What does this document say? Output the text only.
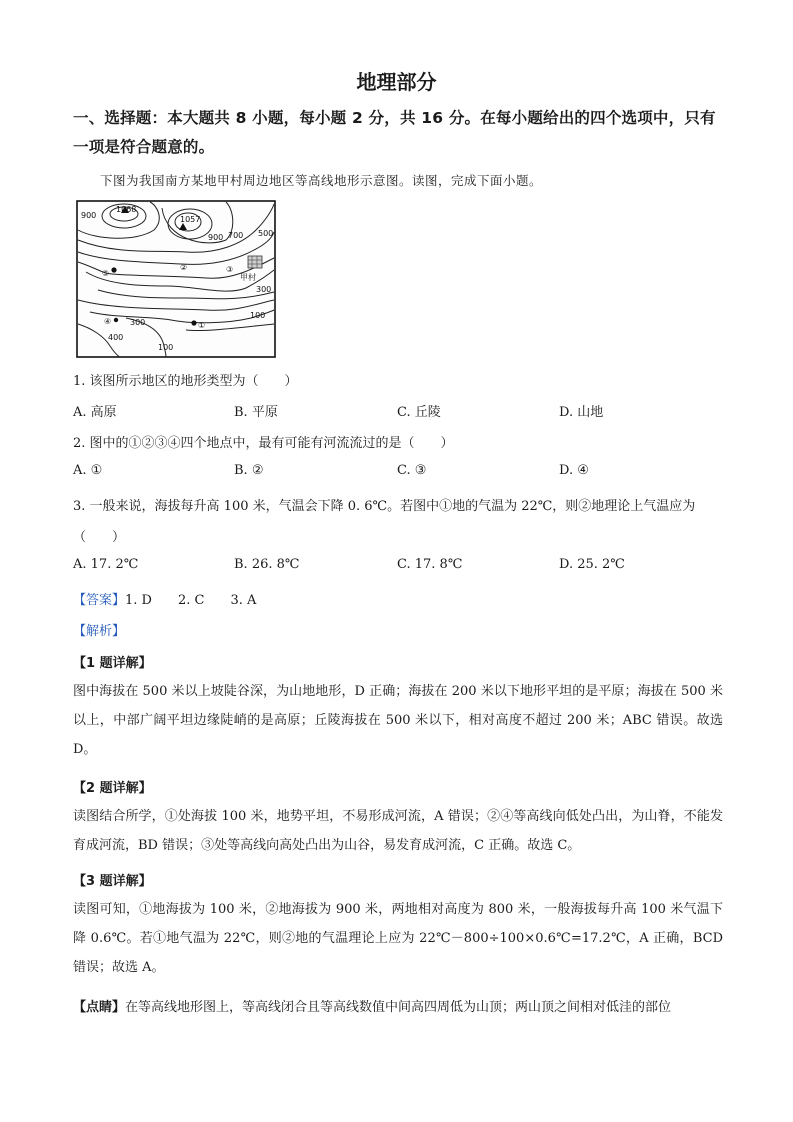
地理部分
一、选择题：本大题共 8 小题，每小题 2 分，共 16 分。在每小题给出的四个选项中，只有一项是符合题意的。
下图为我国南方某地甲村周边地区等高线地形示意图。读图，完成下面小题。
900
1068
1057
900 700 500
甲村
300
100
300
400
100
①
②	③
④
⑤
1. 该图所示地区的地形类型为（　　）
A. 高原	B. 平原	C. 丘陵	D. 山地
2. 图中的①②③④四个地点中，最有可能有河流流过的是（　　）
A. ①	B. ②	C. ③	D. ④
3. 一般来说，海拔每升高 100 米，气温会下降 0. 6℃。若图中①地的气温为 22℃，则②地理论上气温应为
（　　）
A. 17. 2℃	B. 26. 8℃	C. 17. 8℃	D. 25. 2℃
【答案】1. D 2. C 3. A
【解析】
【1 题详解】
图中海拔在 500 米以上坡陡谷深，为山地地形，D 正确；海拔在 200 米以下地形平坦的是平原；海拔在 500 米以上，中部广阔平坦边缘陡峭的是高原；丘陵海拔在 500 米以下，相对高度不超过 200 米；ABC 错误。故选 D。
【2 题详解】
读图结合所学，①处海拔 100 米，地势平坦，不易形成河流，A 错误；②④等高线向低处凸出，为山脊，不能发育成河流，BD 错误；③处等高线向高处凸出为山谷，易发育成河流，C 正确。故选 C。
【3 题详解】
读图可知，①地海拔为 100 米，②地海拔为 900 米，两地相对高度为 800 米，一般海拔每升高 100 米气温下降 0.6℃。若①地气温为 22℃，则②地的气温理论上应为 22℃－800÷100×0.6℃=17.2℃，A 正确，BCD 错误；故选 A。
【点睛】在等高线地形图上，等高线闭合且等高线数值中间高四周低为山顶；两山顶之间相对低洼的部位
